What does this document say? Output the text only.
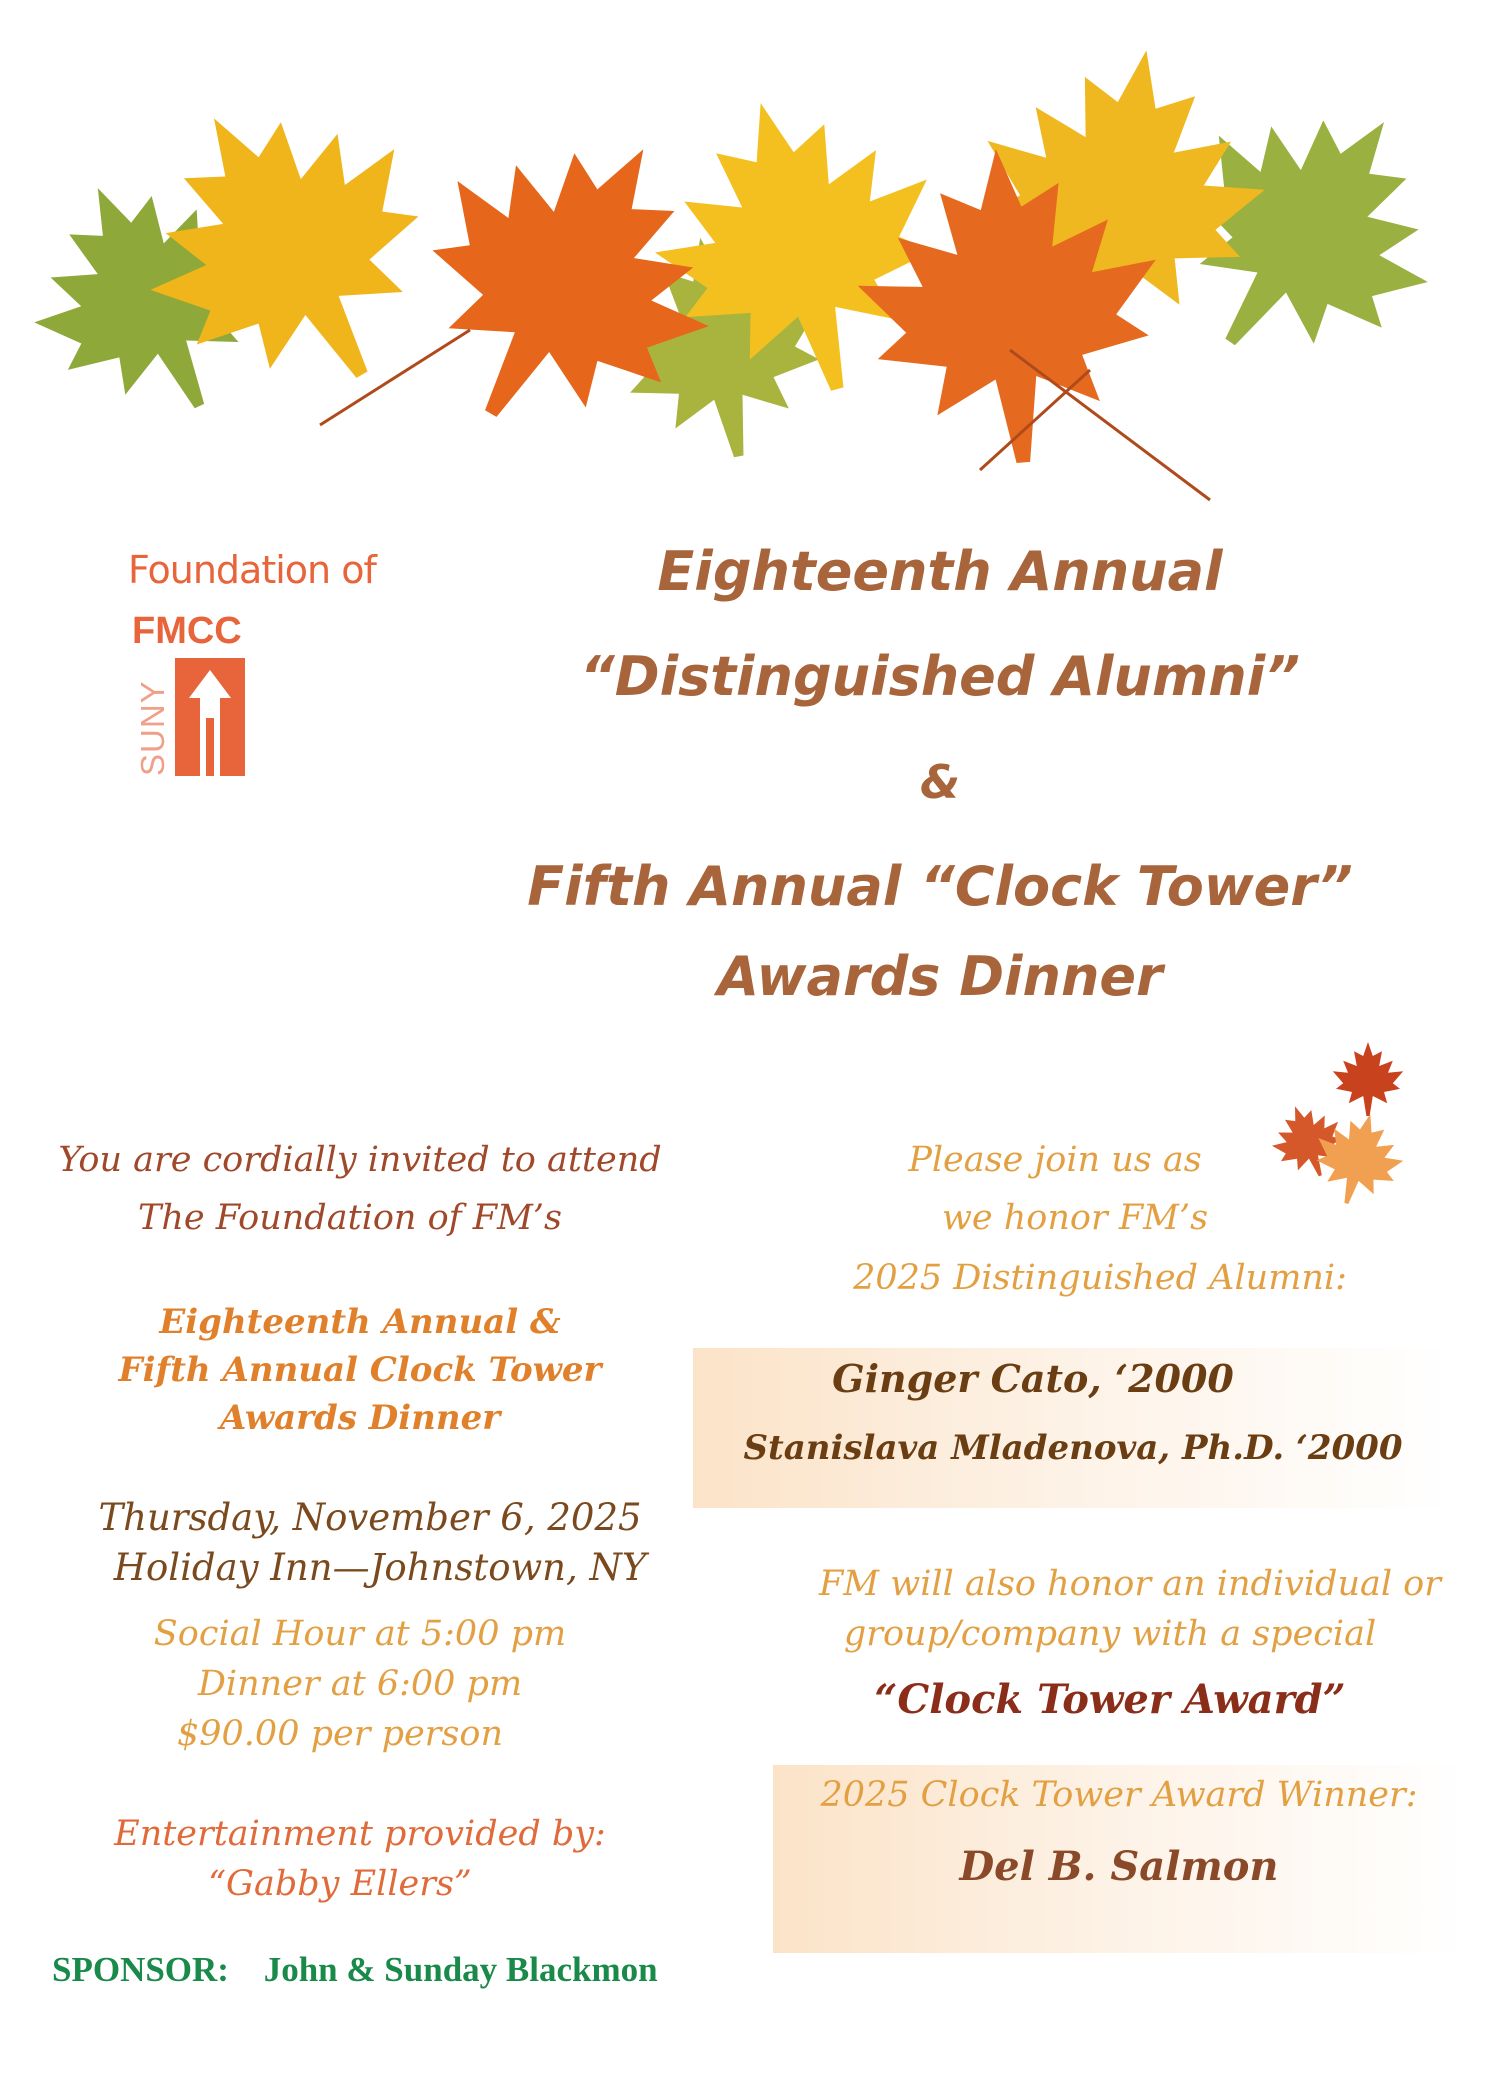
Foundation of
FMCC
SUNY
Eighteenth Annual
“Distinguished Alumni”
&
Fifth Annual “Clock Tower”
Awards Dinner
You are cordially invited to attend
The Foundation of FM’s
Eighteenth Annual &
Fifth Annual Clock Tower
Awards Dinner
Thursday, November 6, 2025
Holiday Inn—Johnstown, NY
Social Hour at 5:00 pm
Dinner at 6:00 pm
$90.00 per person
Entertainment provided by:
“Gabby Ellers”
SPONSOR: John & Sunday Blackmon
Please join us as
we honor FM’s
2025 Distinguished Alumni:
Ginger Cato, ‘2000
Stanislava Mladenova, Ph.D. ‘2000
FM will also honor an individual or
group/company with a special
“Clock Tower Award”
2025 Clock Tower Award Winner:
Del B. Salmon
